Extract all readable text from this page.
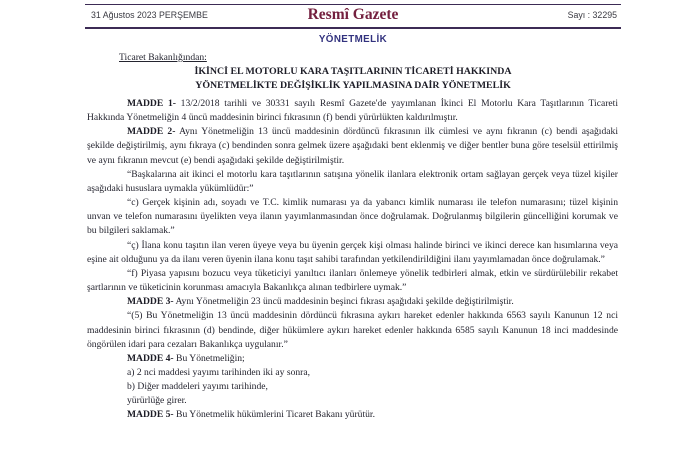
31 Ağustos 2023 PERŞEMBE	Resmî Gazete	Sayı : 32295
YÖNETMELİK
Ticaret Bakanlığından:
İKİNCİ EL MOTORLU KARA TAŞITLARININ TİCARETİ HAKKINDA
YÖNETMELİKTE DEĞİŞİKLİK YAPILMASINA DAİR YÖNETMELİK

MADDE 1- 13/2/2018 tarihli ve 30331 sayılı Resmî Gazete'de yayımlanan İkinci El Motorlu Kara Taşıtlarının Ticareti Hakkında Yönetmeliğin 4 üncü maddesinin birinci fıkrasının (f) bendi yürürlükten kaldırılmıştır.

MADDE 2- Aynı Yönetmeliğin 13 üncü maddesinin dördüncü fıkrasının ilk cümlesi ve aynı fıkranın (c) bendi aşağıdaki şekilde değiştirilmiş, aynı fıkraya (c) bendinden sonra gelmek üzere aşağıdaki bent eklenmiş ve diğer bentler buna göre teselsül ettirilmiş ve aynı fıkranın mevcut (e) bendi aşağıdaki şekilde değiştirilmiştir.

“Başkalarına ait ikinci el motorlu kara taşıtlarının satışına yönelik ilanlara elektronik ortam sağlayan gerçek veya tüzel kişiler aşağıdaki hususlara uymakla yükümlüdür:”

“c) Gerçek kişinin adı, soyadı ve T.C. kimlik numarası ya da yabancı kimlik numarası ile telefon numarasını; tüzel kişinin unvan ve telefon numarasını üyelikten veya ilanın yayımlanmasından önce doğrulamak. Doğrulanmış bilgilerin güncelliğini korumak ve bu bilgileri saklamak.”

“ç) İlana konu taşıtın ilan veren üyeye veya bu üyenin gerçek kişi olması halinde birinci ve ikinci derece kan hısımlarına veya eşine ait olduğunu ya da ilanı veren üyenin ilana konu taşıt sahibi tarafından yetkilendirildiğini ilanı yayımlamadan önce doğrulamak.”

“f) Piyasa yapısını bozucu veya tüketiciyi yanıltıcı ilanları önlemeye yönelik tedbirleri almak, etkin ve sürdürülebilir rekabet şartlarının ve tüketicinin korunması amacıyla Bakanlıkça alınan tedbirlere uymak.”

MADDE 3- Aynı Yönetmeliğin 23 üncü maddesinin beşinci fıkrası aşağıdaki şekilde değiştirilmiştir.

“(5) Bu Yönetmeliğin 13 üncü maddesinin dördüncü fıkrasına aykırı hareket edenler hakkında 6563 sayılı Kanunun 12 nci maddesinin birinci fıkrasının (d) bendinde, diğer hükümlere aykırı hareket edenler hakkında 6585 sayılı Kanunun 18 inci maddesinde öngörülen idari para cezaları Bakanlıkça uygulanır.”

MADDE 4- Bu Yönetmeliğin;

a) 2 nci maddesi yayımı tarihinden iki ay sonra,

b) Diğer maddeleri yayımı tarihinde,

yürürlüğe girer.

MADDE 5- Bu Yönetmelik hükümlerini Ticaret Bakanı yürütür.
